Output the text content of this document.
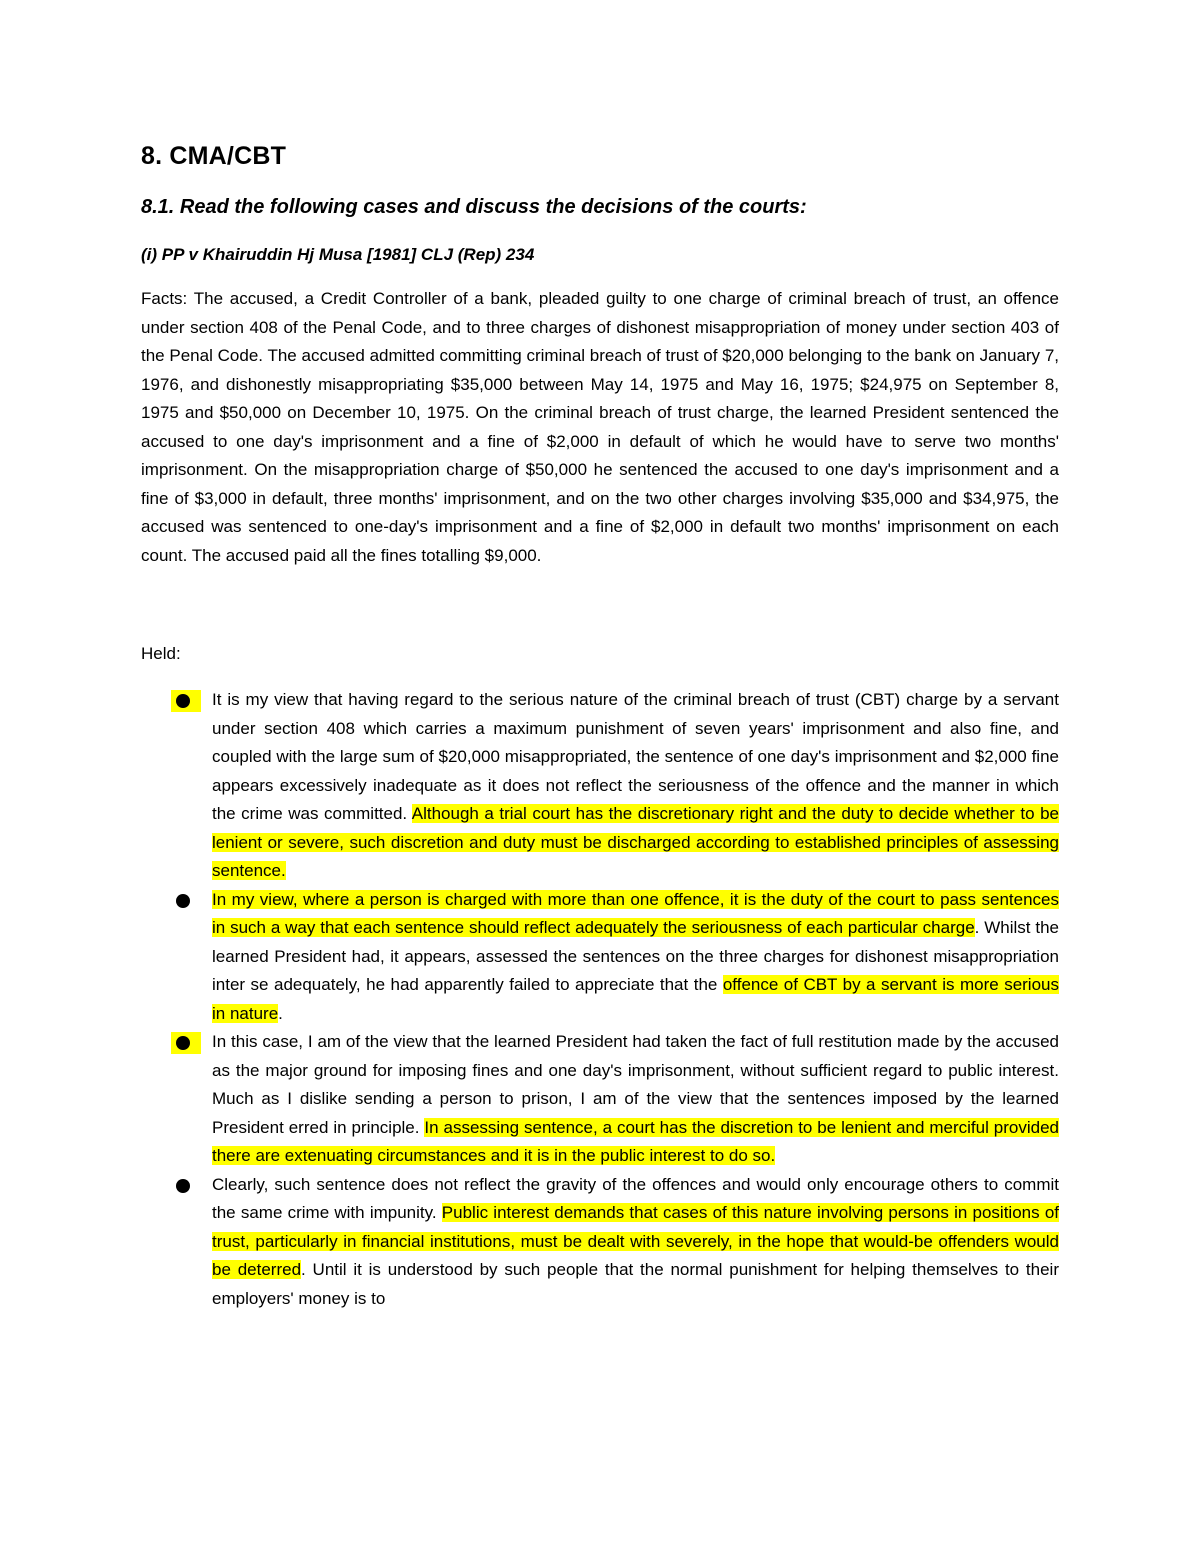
8. CMA/CBT

8.1. Read the following cases and discuss the decisions of the courts:

(i) PP v Khairuddin Hj Musa [1981] CLJ (Rep) 234

Facts: The accused, a Credit Controller of a bank, pleaded guilty to one charge of criminal breach of trust, an offence under section 408 of the Penal Code, and to three charges of dishonest misappropriation of money under section 403 of the Penal Code. The accused admitted committing criminal breach of trust of $20,000 belonging to the bank on January 7, 1976, and dishonestly misappropriating $35,000 between May 14, 1975 and May 16, 1975; $24,975 on September 8, 1975 and $50,000 on December 10, 1975. On the criminal breach of trust charge, the learned President sentenced the accused to one day's imprisonment and a fine of $2,000 in default of which he would have to serve two months' imprisonment. On the misappropriation charge of $50,000 he sentenced the accused to one day's imprisonment and a fine of $3,000 in default, three months' imprisonment, and on the two other charges involving $35,000 and $34,975, the accused was sentenced to one-day's imprisonment and a fine of $2,000 in default two months' imprisonment on each count. The accused paid all the fines totalling $9,000.

Held:

It is my view that having regard to the serious nature of the criminal breach of trust (CBT) charge by a servant under section 408 which carries a maximum punishment of seven years' imprisonment and also fine, and coupled with the large sum of $20,000 misappropriated, the sentence of one day's imprisonment and $2,000 fine appears excessively inadequate as it does not reflect the seriousness of the offence and the manner in which the crime was committed. Although a trial court has the discretionary right and the duty to decide whether to be lenient or severe, such discretion and duty must be discharged according to established principles of assessing sentence.
In my view, where a person is charged with more than one offence, it is the duty of the court to pass sentences in such a way that each sentence should reflect adequately the seriousness of each particular charge. Whilst the learned President had, it appears, assessed the sentences on the three charges for dishonest misappropriation inter se adequately, he had apparently failed to appreciate that the offence of CBT by a servant is more serious in nature.
In this case, I am of the view that the learned President had taken the fact of full restitution made by the accused as the major ground for imposing fines and one day's imprisonment, without sufficient regard to public interest. Much as I dislike sending a person to prison, I am of the view that the sentences imposed by the learned President erred in principle. In assessing sentence, a court has the discretion to be lenient and merciful provided there are extenuating circumstances and it is in the public interest to do so.
Clearly, such sentence does not reflect the gravity of the offences and would only encourage others to commit the same crime with impunity. Public interest demands that cases of this nature involving persons in positions of trust, particularly in financial institutions, must be dealt with severely, in the hope that would-be offenders would be deterred. Until it is understood by such people that the normal punishment for helping themselves to their employers' money is to
